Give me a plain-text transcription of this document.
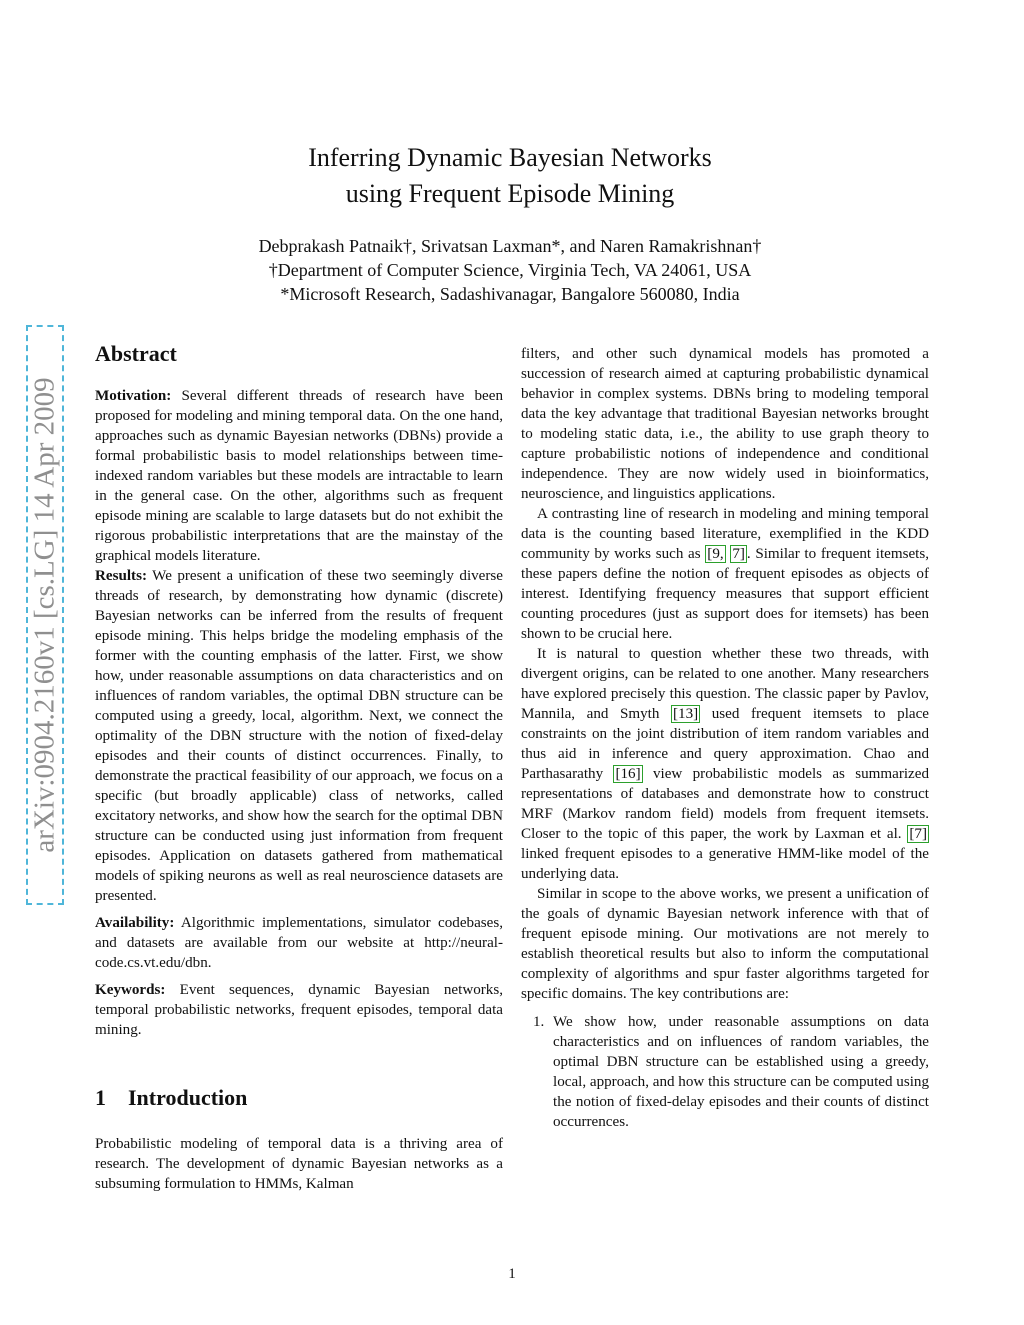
arXiv:0904.2160v1 [cs.LG] 14 Apr 2009
Inferring Dynamic Bayesian Networks
using Frequent Episode Mining
Debprakash Patnaik†, Srivatsan Laxman*, and Naren Ramakrishnan†
†Department of Computer Science, Virginia Tech, VA 24061, USA
*Microsoft Research, Sadashivanagar, Bangalore 560080, India
Abstract

Motivation: Several different threads of research have been proposed for modeling and mining temporal data. On the one hand, approaches such as dynamic Bayesian networks (DBNs) provide a formal probabilistic basis to model relationships between time-indexed random variables but these models are intractable to learn in the general case. On the other, algorithms such as frequent episode mining are scalable to large datasets but do not exhibit the rigorous probabilistic interpretations that are the mainstay of the graphical models literature.

Results: We present a unification of these two seemingly diverse threads of research, by demonstrating how dynamic (discrete) Bayesian networks can be inferred from the results of frequent episode mining. This helps bridge the modeling emphasis of the former with the counting emphasis of the latter. First, we show how, under reasonable assumptions on data characteristics and on influences of random variables, the optimal DBN structure can be computed using a greedy, local, algorithm. Next, we connect the optimality of the DBN structure with the notion of fixed-delay episodes and their counts of distinct occurrences. Finally, to demonstrate the practical feasibility of our approach, we focus on a specific (but broadly applicable) class of networks, called excitatory networks, and show how the search for the optimal DBN structure can be conducted using just information from frequent episodes. Application on datasets gathered from mathematical models of spiking neurons as well as real neuroscience datasets are presented.

Availability: Algorithmic implementations, simulator codebases, and datasets are available from our website at http://neural-code.cs.vt.edu/dbn.

Keywords: Event sequences, dynamic Bayesian networks, temporal probabilistic networks, frequent episodes, temporal data mining.

1 Introduction

Probabilistic modeling of temporal data is a thriving area of research. The development of dynamic Bayesian networks as a subsuming formulation to HMMs, Kalman

filters, and other such dynamical models has promoted a succession of research aimed at capturing probabilistic dynamical behavior in complex systems. DBNs bring to modeling temporal data the key advantage that traditional Bayesian networks brought to modeling static data, i.e., the ability to use graph theory to capture probabilistic notions of independence and conditional independence. They are now widely used in bioinformatics, neuroscience, and linguistics applications.

A contrasting line of research in modeling and mining temporal data is the counting based literature, exemplified in the KDD community by works such as [9, 7] . Similar to frequent itemsets, these papers define the notion of frequent episodes as objects of interest. Identifying frequency measures that support efficient counting procedures (just as support does for itemsets) has been shown to be crucial here.

It is natural to question whether these two threads, with divergent origins, can be related to one another. Many researchers have explored precisely this question. The classic paper by Pavlov, Mannila, and Smyth [13] used frequent itemsets to place constraints on the joint distribution of item random variables and thus aid in inference and query approximation. Chao and Parthasarathy [16] view probabilistic models as summarized representations of databases and demonstrate how to construct MRF (Markov random field) models from frequent itemsets. Closer to the topic of this paper, the work by Laxman et al. [7] linked frequent episodes to a generative HMM-like model of the underlying data.

Similar in scope to the above works, we present a unification of the goals of dynamic Bayesian network inference with that of frequent episode mining. Our motivations are not merely to establish theoretical results but also to inform the computational complexity of algorithms and spur faster algorithms targeted for specific domains. The key contributions are:

1. We show how, under reasonable assumptions on data characteristics and on influences of random variables, the optimal DBN structure can be established using a greedy, local, approach, and how this structure can be computed using the notion of fixed-delay episodes and their counts of distinct occurrences.
1
